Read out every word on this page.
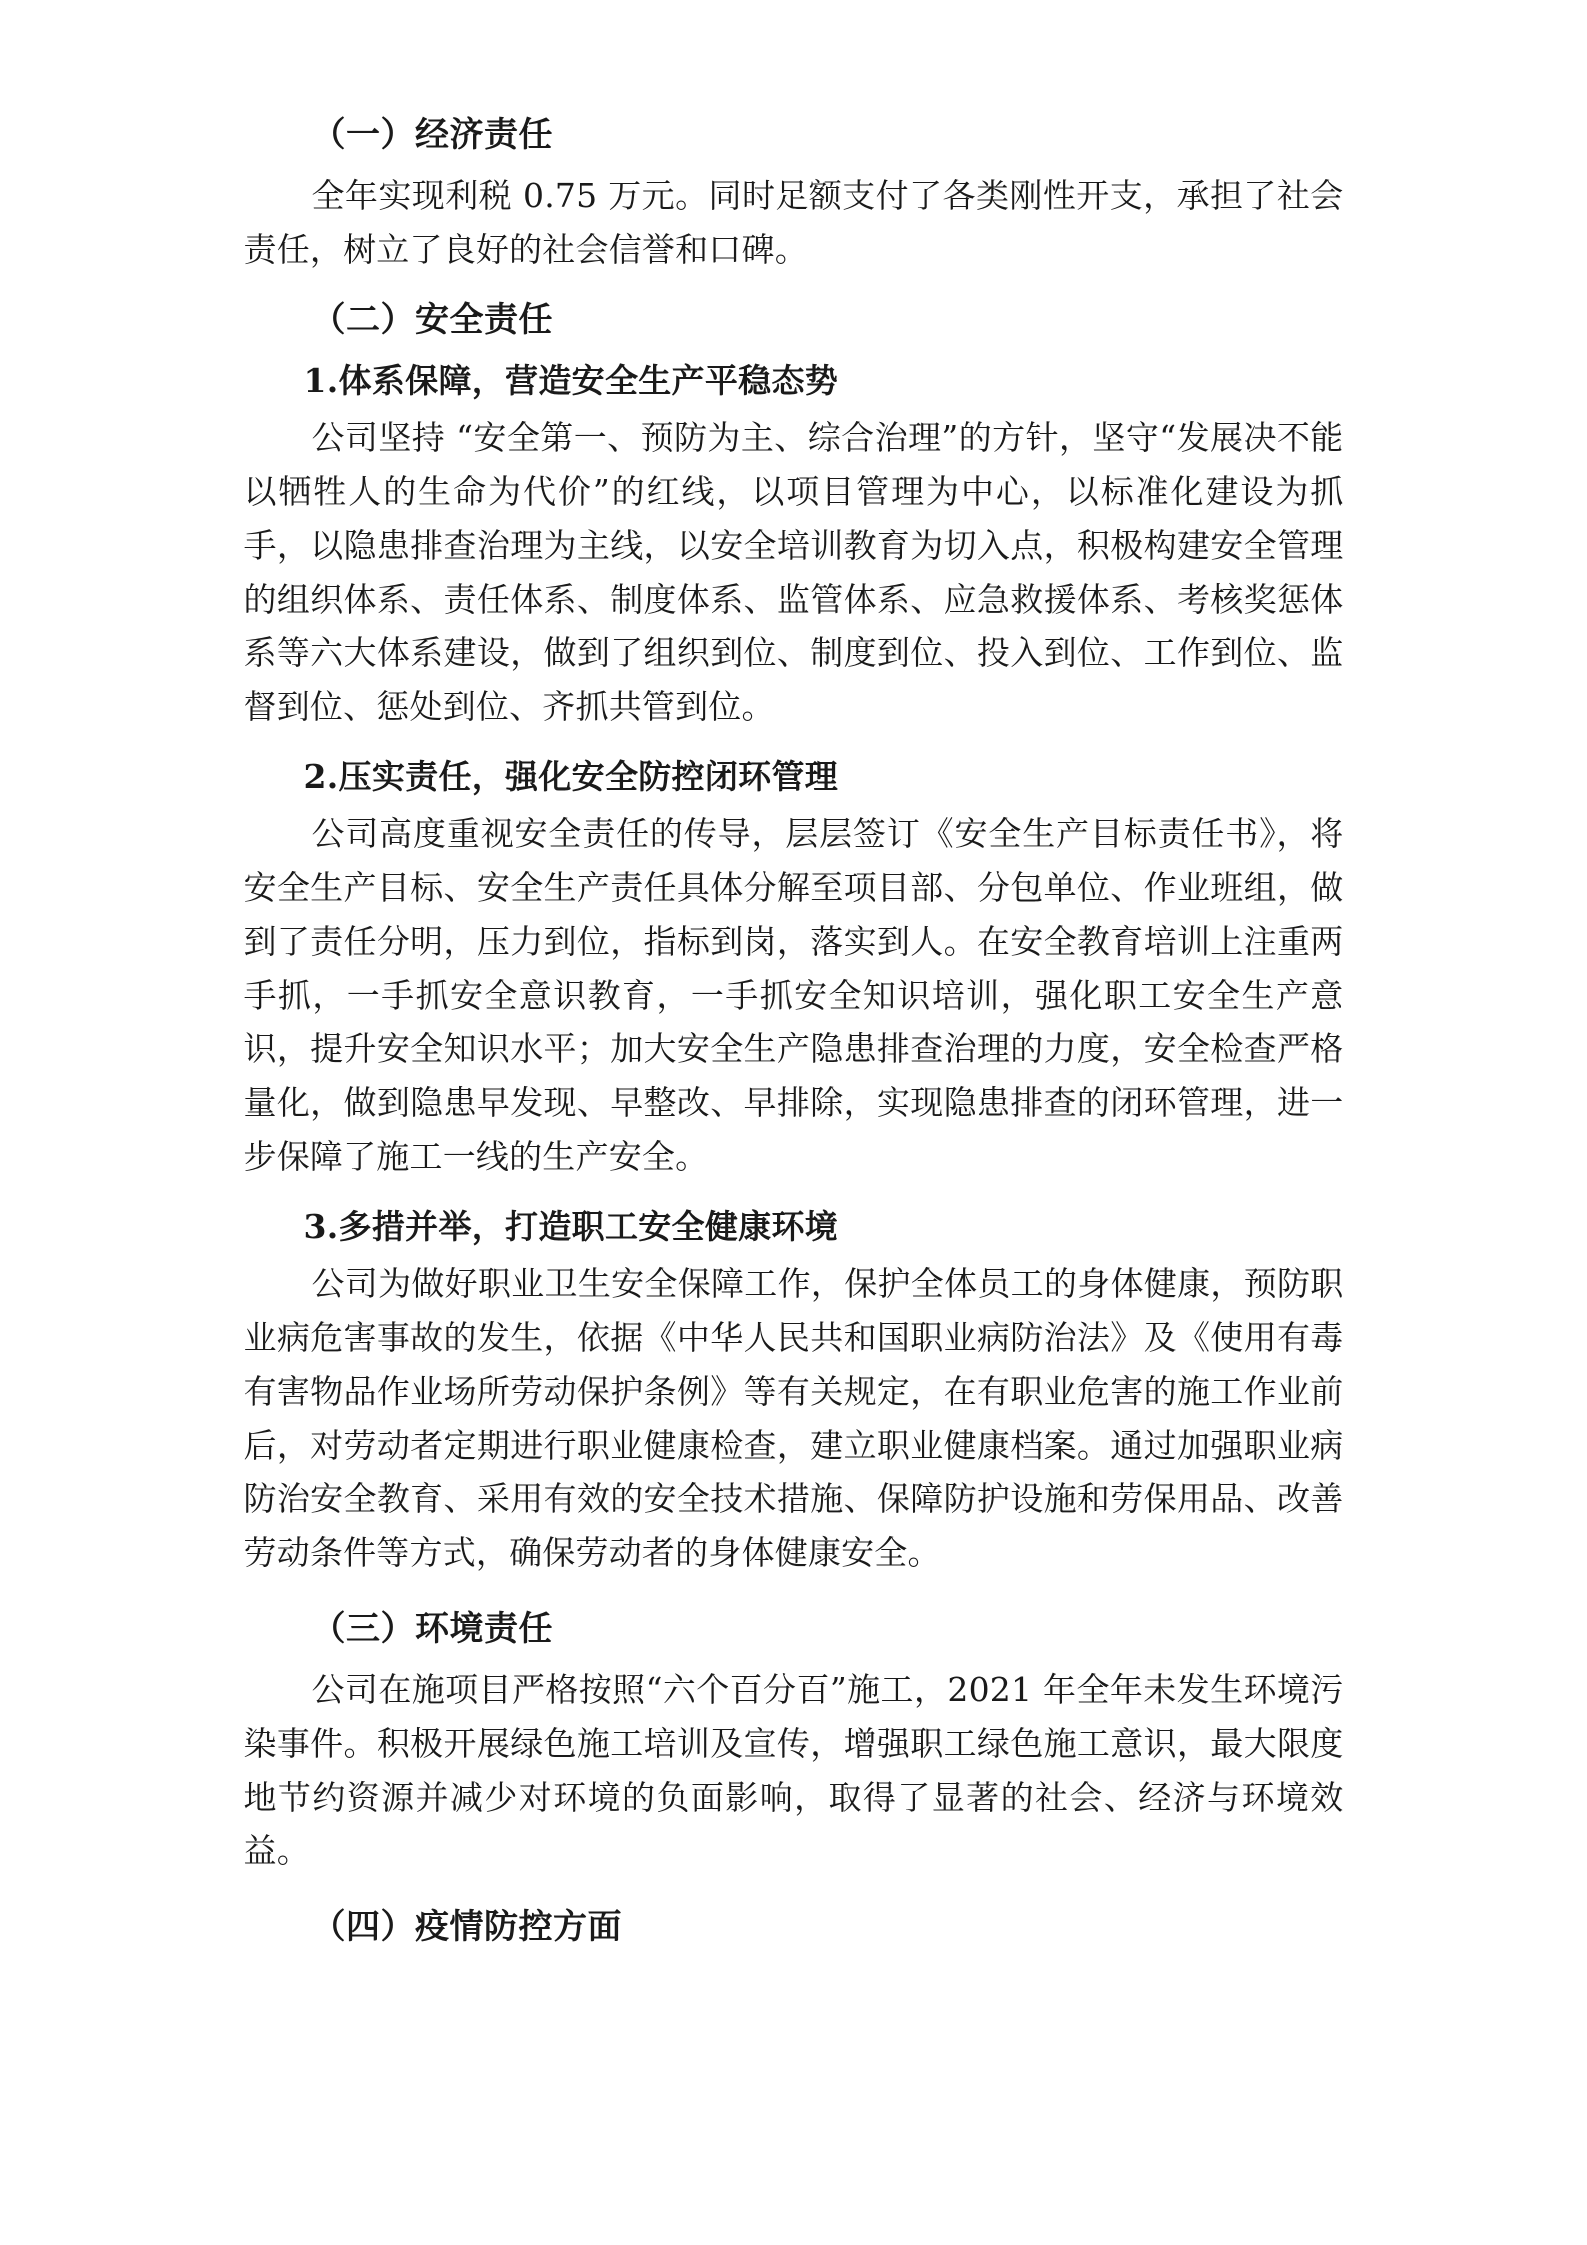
（一）经济责任

全年实现利税 0.75 万元。同时足额支付了各类刚性开支，承担了社会责任，树立了良好的社会信誉和口碑。

（二）安全责任
1.体系保障，营造安全生产平稳态势

公司坚持 “安全第一、预防为主、综合治理”的方针，坚守“发展决不能以牺牲人的生命为代价”的红线，以项目管理为中心，以标准化建设为抓手，以隐患排查治理为主线，以安全培训教育为切入点，积极构建安全管理的组织体系、责任体系、制度体系、监管体系、应急救援体系、考核奖惩体系等六大体系建设，做到了组织到位、制度到位、投入到位、工作到位、监督到位、惩处到位、齐抓共管到位。

2.压实责任，强化安全防控闭环管理

公司高度重视安全责任的传导，层层签订《安全生产目标责任书》，将安全生产目标、安全生产责任具体分解至项目部、分包单位、作业班组，做到了责任分明，压力到位，指标到岗，落实到人。在安全教育培训上注重两手抓，一手抓安全意识教育，一手抓安全知识培训，强化职工安全生产意识，提升安全知识水平；加大安全生产隐患排查治理的力度，安全检查严格量化，做到隐患早发现、早整改、早排除，实现隐患排查的闭环管理，进一步保障了施工一线的生产安全。

3.多措并举，打造职工安全健康环境

公司为做好职业卫生安全保障工作，保护全体员工的身体健康，预防职业病危害事故的发生，依据《中华人民共和国职业病防治法》及《使用有毒有害物品作业场所劳动保护条例》等有关规定，在有职业危害的施工作业前后，对劳动者定期进行职业健康检查，建立职业健康档案。通过加强职业病防治安全教育、采用有效的安全技术措施、保障防护设施和劳保用品、改善劳动条件等方式，确保劳动者的身体健康安全。

（三）环境责任

公司在施项目严格按照“六个百分百”施工，2021 年全年未发生环境污染事件。积极开展绿色施工培训及宣传，增强职工绿色施工意识，最大限度地节约资源并减少对环境的负面影响，取得了显著的社会、经济与环境效益。

（四）疫情防控方面
